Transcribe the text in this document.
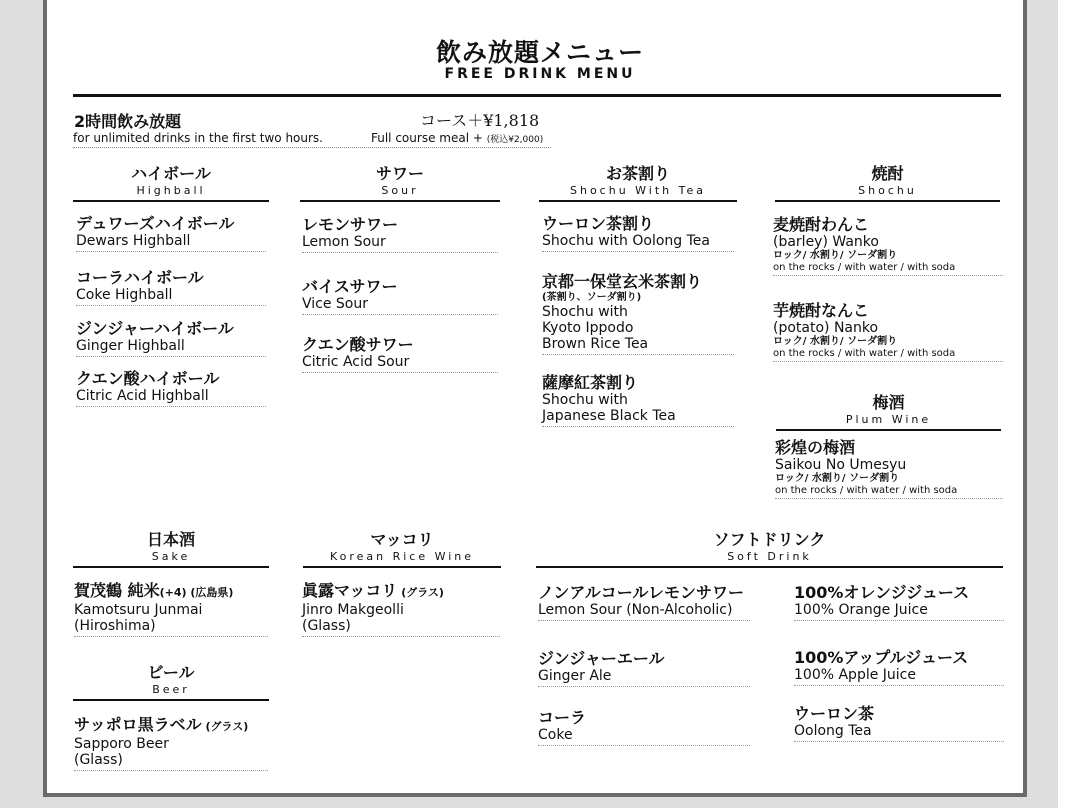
飲み放題メニュー
FREE DRINK MENU
2時間飲み放題	コース＋¥1,818
for unlimited drinks in the first two hours.	Full course meal + (税込¥2,000)
ハイボール
Highball
デュワーズハイボール
Dewars Highball
コーラハイボール
Coke Highball
ジンジャーハイボール
Ginger Highball
クエン酸ハイボール
Citric Acid Highball
サワー
Sour
レモンサワー
Lemon Sour
バイスサワー
Vice Sour
クエン酸サワー
Citric Acid Sour
お茶割り
Shochu With Tea
ウーロン茶割り
Shochu with Oolong Tea
京都一保堂玄米茶割り
(茶割り、ソーダ割り)
Shochu with
Kyoto Ippodo
Brown Rice Tea
薩摩紅茶割り
Shochu with
Japanese Black Tea
焼酎
Shochu
麦焼酎わんこ
(barley) Wanko
ロック/ 水割り/ ソーダ割り
on the rocks / with water / with soda
芋焼酎なんこ
(potato) Nanko
ロック/ 水割り/ ソーダ割り
on the rocks / with water / with soda
梅酒
Plum Wine
彩煌の梅酒
Saikou No Umesyu
ロック/ 水割り/ ソーダ割り
on the rocks / with water / with soda
日本酒
Sake
賀茂鶴 純米(+4) (広島県)
Kamotsuru Junmai
(Hiroshima)
ビール
Beer
サッポロ黒ラベル (グラス)
Sapporo Beer
(Glass)
マッコリ
Korean Rice Wine
眞露マッコリ (グラス)
Jinro Makgeolli
(Glass)
ソフトドリンク
Soft Drink
ノンアルコールレモンサワー
Lemon Sour (Non-Alcoholic)
ジンジャーエール
Ginger Ale
コーラ
Coke
100%オレンジジュース
100% Orange Juice
100%アップルジュース
100% Apple Juice
ウーロン茶
Oolong Tea
